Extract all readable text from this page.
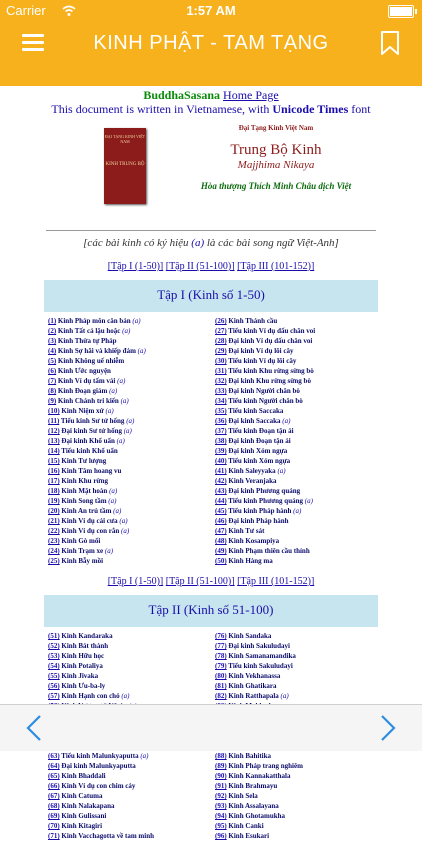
Carrier	1:57 AM
KINH PHẬT - TAM TẠNG
BuddhaSasana Home Page
This document is written in Vietnamese, with Unicode Times font
ĐẠI TẠNG KINH VIỆT NAM
KINH TRUNG BỘ
Đại Tạng Kinh Việt Nam
Trung Bộ Kinh
Majjhima Nikaya
Hòa thượng Thích Minh Châu dịch Việt
[các bài kinh có ký hiệu (a) là các bài song ngữ Việt-Anh]
[Tập I (1-50)] [Tập II (51-100)] [Tập III (101-152)]
Tập I (Kinh số 1-50)
(1) Kinh Pháp môn căn bản (a)
(2) Kinh Tất cả lậu hoặc (a)
(3) Kinh Thừa tự Pháp
(4) Kinh Sợ hãi và khiếp đảm (a)
(5) Kinh Không uế nhiễm
(6) Kinh Ước nguyện
(7) Kinh Ví dụ tấm vải (a)
(8) Kinh Đoạn giảm (a)
(9) Kinh Chánh tri kiến (a)
(10) Kinh Niệm xứ (a)
(11) Tiểu kinh Sư tử hống (a)
(12) Đại kinh Sư tử hống (a)
(13) Đại kinh Khổ uẩn (a)
(14) Tiểu kinh Khổ uẩn
(15) Kinh Tư lượng
(16) Kinh Tâm hoang vu
(17) Kinh Khu rừng
(18) Kinh Mật hoàn (a)
(19) Kinh Song tầm (a)
(20) Kinh An trú tầm (a)
(21) Kinh Ví dụ cái cưa (a)
(22) Kinh Ví dụ con rắn (a)
(23) Kinh Gò mối
(24) Kinh Trạm xe (a)
(25) Kinh Bẫy mồi
(26) Kinh Thánh cầu
(27) Tiểu kinh Ví dụ dấu chân voi
(28) Đại kinh Ví dụ dấu chân voi
(29) Đại kinh Ví dụ lõi cây
(30) Tiểu kinh Ví dụ lõi cây
(31) Tiểu kinh Khu rừng sừng bò
(32) Đại kinh Khu rừng sừng bò
(33) Đại kinh Người chăn bò
(34) Tiểu kinh Người chăn bò
(35) Tiểu kinh Saccaka
(36) Đại kinh Saccaka (a)
(37) Tiểu kinh Đoạn tận ái
(38) Đại kinh Đoạn tận ái
(39) Đại kinh Xóm ngựa
(40) Tiểu kinh Xóm ngựa
(41) Kinh Saleyyaka (a)
(42) Kinh Veranjaka
(43) Đại kinh Phương quảng
(44) Tiểu kinh Phương quảng (a)
(45) Tiểu kinh Pháp hành (a)
(46) Đại kinh Pháp hành
(47) Kinh Tư sát
(48) Kinh Kosampiya
(49) Kinh Phạm thiên cầu thỉnh
(50) Kinh Hàng ma
[Tập I (1-50)] [Tập II (51-100)] [Tập III (101-152)]
Tập II (Kinh số 51-100)
(51) Kinh Kandaraka
(52) Kinh Bát thành
(53) Kinh Hữu học
(54) Kinh Potaliya
(55) Kinh Jivaka
(56) Kinh Ưu-ba-ly
(57) Kinh Hạnh con chó (a)
(63) Tiểu kinh Malunkyaputta (a)
(64) Đại kinh Malunkyaputta
(65) Kinh Bhaddali
(66) Kinh Ví dụ con chim cáy
(67) Kinh Catuma
(68) Kinh Nalakapana
(69) Kinh Gulissani
(70) Kinh Kitagiri
(71) Kinh Vacchagotta về tam minh
(76) Kinh Sandaka
(77) Đại kinh Sakuludayi
(78) Kinh Samanamandika
(79) Tiểu kinh Sakuludayi
(80) Kinh Vekhanassa
(81) Kinh Ghatikara
(82) Kinh Ratthapala (a)
(88) Kinh Bahitika
(89) Kinh Pháp trang nghiêm
(90) Kinh Kannakatthala
(91) Kinh Brahmayu
(92) Kinh Sela
(93) Kinh Assalayana
(94) Kinh Ghotamukha
(95) Kinh Canki
(96) Kinh Esukari
